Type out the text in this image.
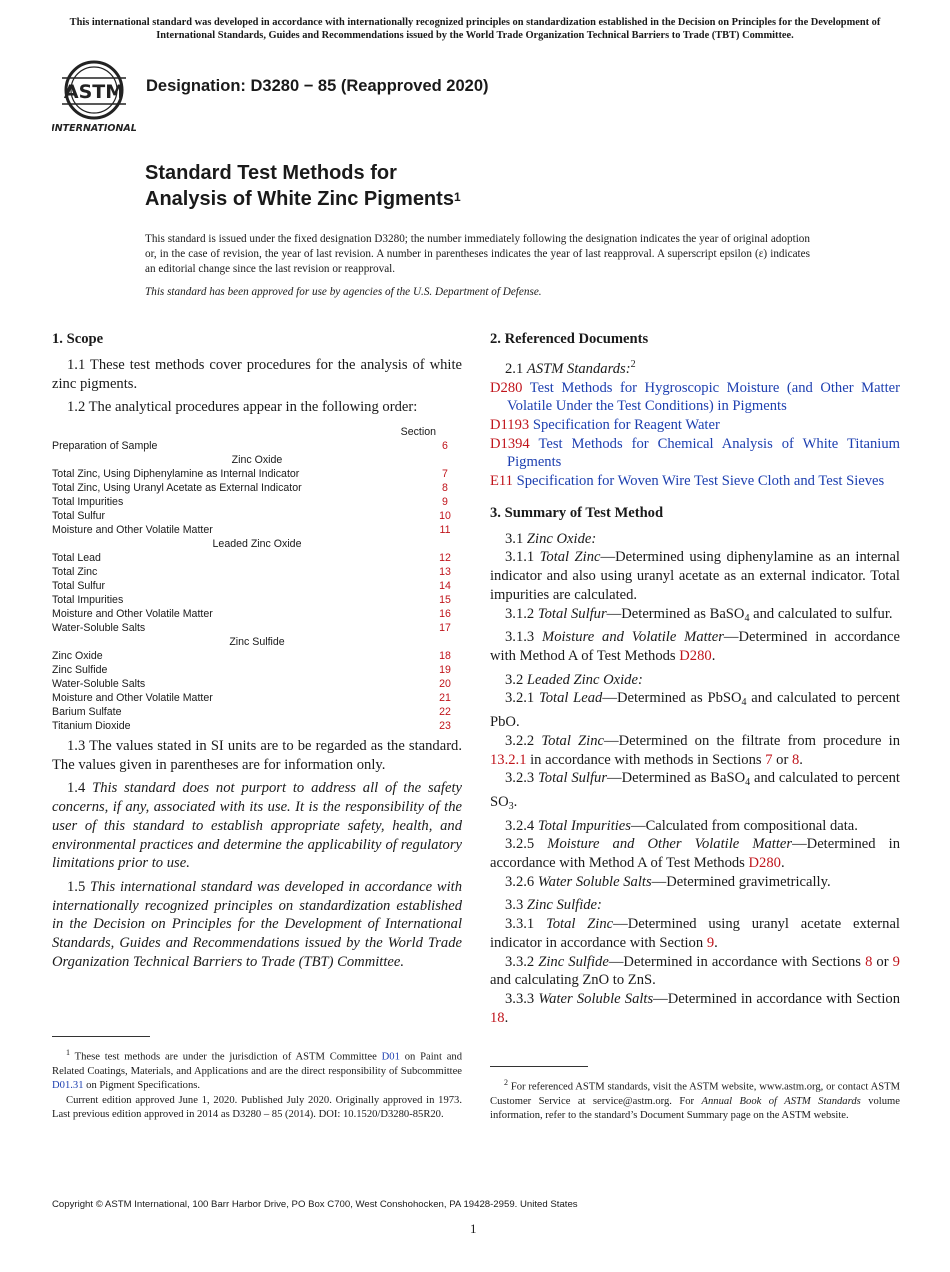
This international standard was developed in accordance with internationally recognized principles on standardization established in the Decision on Principles for the Development of International Standards, Guides and Recommendations issued by the World Trade Organization Technical Barriers to Trade (TBT) Committee.
ASTM
INTERNATIONAL
Designation: D3280 − 85 (Reapproved 2020)
Standard Test Methods for
Analysis of White Zinc Pigments$^1$
This standard is issued under the fixed designation D3280; the number immediately following the designation indicates the year of original adoption or, in the case of revision, the year of last revision. A number in parentheses indicates the year of last reapproval. A superscript epsilon (ε) indicates an editorial change since the last revision or reapproval.
This standard has been approved for use by agencies of the U.S. Department of Defense.
1. Scope

1.1 These test methods cover procedures for the analysis of white zinc pigments.

1.2 The analytical procedures appear in the following order:

Section
Preparation of Sample	6
Zinc Oxide
Total Zinc, Using Diphenylamine as Internal Indicator	7
Total Zinc, Using Uranyl Acetate as External Indicator	8
Total Impurities	9
Total Sulfur	10
Moisture and Other Volatile Matter	11
Leaded Zinc Oxide
Total Lead	12
Total Zinc	13
Total Sulfur	14
Total Impurities	15
Moisture and Other Volatile Matter	16
Water-Soluble Salts	17
Zinc Sulfide
Zinc Oxide	18
Zinc Sulfide	19
Water-Soluble Salts	20
Moisture and Other Volatile Matter	21
Barium Sulfate	22
Titanium Dioxide	23

1.3 The values stated in SI units are to be regarded as the standard. The values given in parentheses are for information only.

1.4 This standard does not purport to address all of the safety concerns, if any, associated with its use. It is the responsibility of the user of this standard to establish appropriate safety, health, and environmental practices and determine the applicability of regulatory limitations prior to use.

1.5 This international standard was developed in accordance with internationally recognized principles on standardization established in the Decision on Principles for the Development of International Standards, Guides and Recommendations issued by the World Trade Organization Technical Barriers to Trade (TBT) Committee.

2. Referenced Documents

2.1 ASTM Standards:$^2$

D280 Test Methods for Hygroscopic Moisture (and Other Matter Volatile Under the Test Conditions) in Pigments
D1193 Specification for Reagent Water
D1394 Test Methods for Chemical Analysis of White Titanium Pigments
E11 Specification for Woven Wire Test Sieve Cloth and Test Sieves
3. Summary of Test Method

3.1 Zinc Oxide:

3.1.1 Total Zinc—Determined using diphenylamine as an internal indicator and also using uranyl acetate as an external indicator. Total impurities are calculated.

3.1.2 Total Sulfur—Determined as BaSO$_4$ and calculated to sulfur.

3.1.3 Moisture and Volatile Matter—Determined in accordance with Method A of Test Methods D280.

3.2 Leaded Zinc Oxide:

3.2.1 Total Lead—Determined as PbSO$_4$ and calculated to percent PbO.

3.2.2 Total Zinc—Determined on the filtrate from procedure in 13.2.1 in accordance with methods in Sections 7 or 8.

3.2.3 Total Sulfur—Determined as BaSO$_4$ and calculated to percent $SO_3$.

3.2.4 Total Impurities—Calculated from compositional data.

3.2.5 Moisture and Other Volatile Matter—Determined in accordance with Method A of Test Methods D280.

3.2.6 Water Soluble Salts—Determined gravimetrically.

3.3 Zinc Sulfide:

3.3.1 Total Zinc—Determined using uranyl acetate external indicator in accordance with Section 9.

3.3.2 Zinc Sulfide—Determined in accordance with Sections 8 or 9 and calculating ZnO to ZnS.

3.3.3 Water Soluble Salts—Determined in accordance with Section 18.

$^1$ These test methods are under the jurisdiction of ASTM Committee D01 on Paint and Related Coatings, Materials, and Applications and are the direct responsibility of Subcommittee D01.31 on Pigment Specifications.
Current edition approved June 1, 2020. Published July 2020. Originally approved in 1973. Last previous edition approved in 2014 as D3280 – 85 (2014). DOI: 10.1520/D3280-85R20.
$^2$ For referenced ASTM standards, visit the ASTM website, www.astm.org, or contact ASTM Customer Service at service@astm.org. For Annual Book of ASTM Standards volume information, refer to the standard’s Document Summary page on the ASTM website.
Copyright © ASTM International, 100 Barr Harbor Drive, PO Box C700, West Conshohocken, PA 19428-2959. United States
1
